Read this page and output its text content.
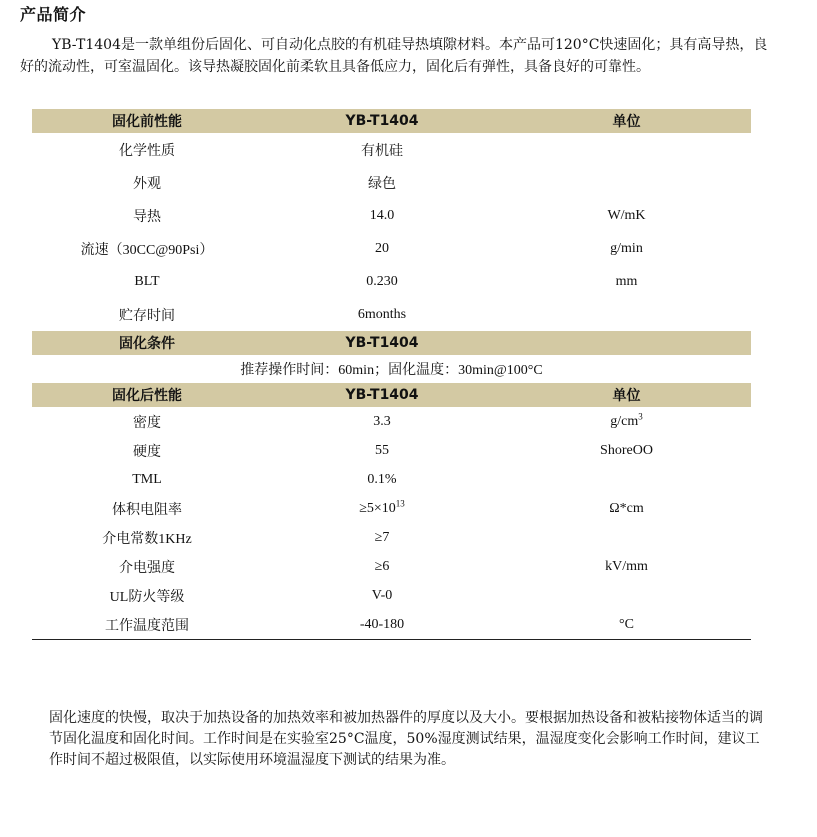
产品简介
YB-T1404是一款单组份后固化、可自动化点胶的有机硅导热填隙材料。本产品可120°C快速固化；具有高导热，良好的流动性，可室温固化。该导热凝胶固化前柔软且具备低应力，固化后有弹性，具备良好的可靠性。
固化前性能	YB-T1404	单位
化学性质	有机硅	
外观	绿色	
导热	14.0	W/mK
流速（30CC@90Psi）	20	g/min
BLT	0.230	mm
贮存时间	6months	
固化条件	YB-T1404	
推荐操作时间：60min；固化温度：30min@100°C		
固化后性能	YB-T1404	单位
密度	3.3	$g/cm^3$
硬度	55	ShoreOO
TML	0.1%	
体积电阻率	$\ge 5\times 10^{13}$	Ω*cm
介电常数1KHz	≥7	
介电强度	≥6	kV/mm
UL防火等级	V-0	
工作温度范围	-40-180	°C
固化速度的快慢，取决于加热设备的加热效率和被加热器件的厚度以及大小。要根据加热设备和被粘接物体适当的调节固化温度和固化时间。工作时间是在实验室25°C温度，50%湿度测试结果，温湿度变化会影响工作时间，建议工作时间不超过极限值，以实际使用环境温湿度下测试的结果为准。
